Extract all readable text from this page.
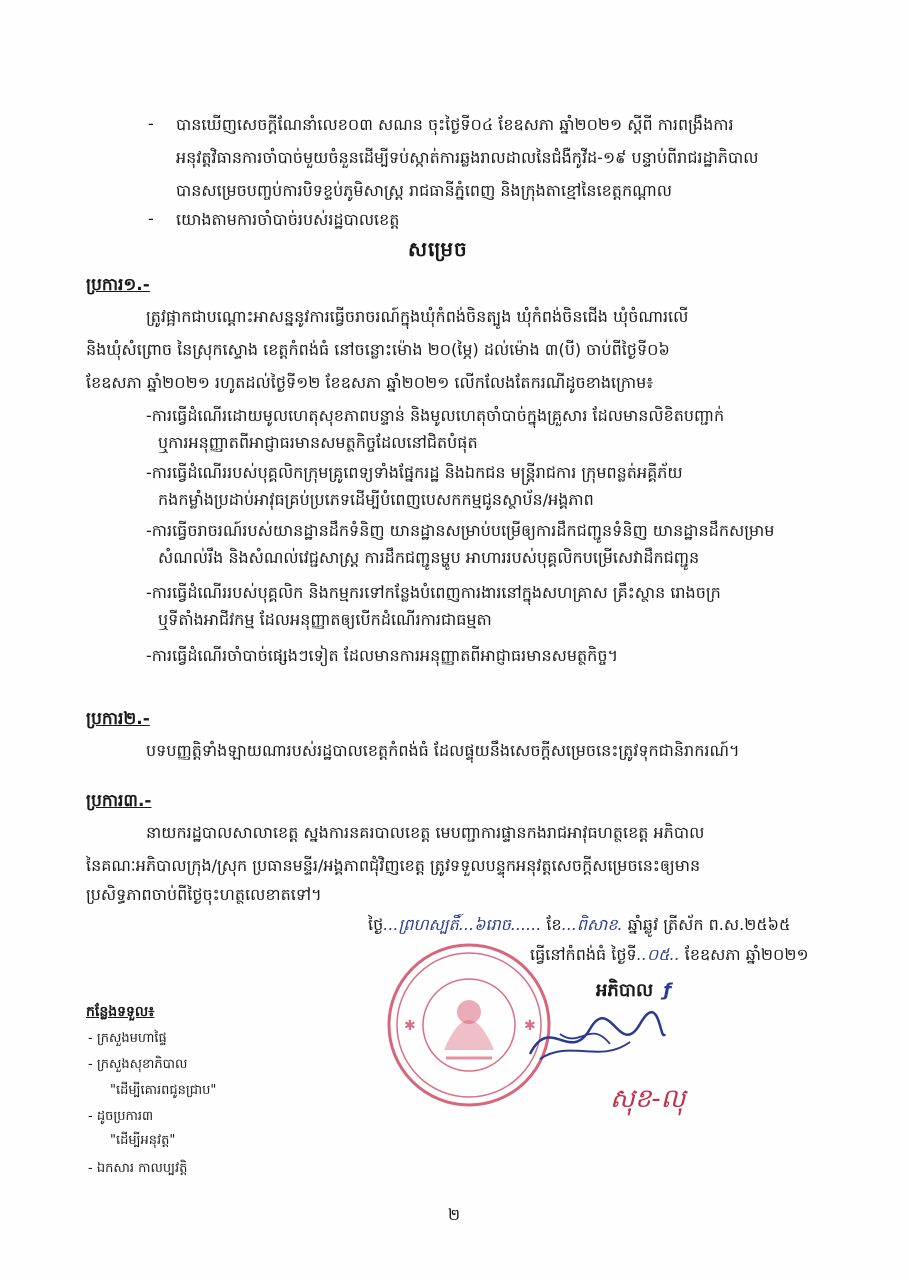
- បានឃើញសេចក្តីណែនាំលេខ០៣ សណន ចុះថ្ងៃទី០៤ ខែឧសភា ឆ្នាំ២០២១ ស្តីពី ការពង្រឹងការ
អនុវត្តវិធានការចាំបាច់មួយចំនួនដើម្បីទប់ស្កាត់ការឆ្លងរាលដាលនៃជំងឺកូវីដ-១៩ បន្ទាប់ពីរាជរដ្ឋាភិបាល
បានសម្រេចបញ្ចប់ការបិទខ្ទប់ភូមិសាស្ត្រ រាជធានីភ្នំពេញ និងក្រុងតាខ្មៅនៃខេត្តកណ្តាល
- យោងតាមការចាំបាច់របស់រដ្ឋបាលខេត្ត
សម្រេច
ប្រការ១.-
ត្រូវផ្អាកជាបណ្តោះអាសន្ននូវការធ្វើចរាចរណ៍ក្នុងឃុំកំពង់ចិនត្បូង ឃុំកំពង់ចិនជើង ឃុំចំណារលើ
និងឃុំសំព្រោច នៃស្រុកស្ទោង ខេត្តកំពង់ធំ នៅចន្លោះម៉ោង ២០(ម្ភៃ) ដល់ម៉ោង ៣(បី) ចាប់ពីថ្ងៃទី០៦
ខែឧសភា ឆ្នាំ២០២១ រហូតដល់ថ្ងៃទី១២ ខែឧសភា ឆ្នាំ២០២១ លើកលែងតែករណីដូចខាងក្រោម៖
-ការធ្វើដំណើរដោយមូលហេតុសុខភាពបន្ទាន់ និងមូលហេតុចាំបាច់ក្នុងគ្រួសារ ដែលមានលិខិតបញ្ជាក់
ឬការអនុញ្ញាតពីអាជ្ញាធរមានសមត្ថកិច្ចដែលនៅជិតបំផុត
-ការធ្វើដំណើររបស់បុគ្គលិកក្រុមគ្រូពេទ្យទាំងផ្នែករដ្ឋ និងឯកជន មន្រ្តីរាជការ ក្រុមពន្លត់អគ្គីភ័យ
កងកម្លាំងប្រដាប់អាវុធគ្រប់ប្រភេទដើម្បីបំពេញបេសកកម្មជូនស្ថាប័ន/អង្គភាព
-ការធ្វើចរាចរណ៍របស់យានដ្ឋានដឹកទំនិញ យានដ្ឋានសម្រាប់បម្រើឲ្យការដឹកជញ្ជូនទំនិញ យានដ្ឋានដឹកសម្រាម
សំណល់រឹង និងសំណល់វេជ្ជសាស្ត្រ ការដឹកជញ្ជូនម្ហូប អាហាររបស់បុគ្គលិកបម្រើសេវាដឹកជញ្ជូន
-ការធ្វើដំណើររបស់បុគ្គលិក និងកម្មករទៅកន្លែងបំពេញការងារនៅក្នុងសហគ្រាស គ្រឹះស្ថាន រោងចក្រ
ឬទីតាំងអាជីវកម្ម ដែលអនុញ្ញាតឲ្យបើកដំណើរការជាធម្មតា
-ការធ្វើដំណើរចាំបាច់ផ្សេងៗទៀត ដែលមានការអនុញ្ញាតពីអាជ្ញាធរមានសមត្ថកិច្ច។
ប្រការ២.-
បទបញ្ញត្តិទាំងឡាយណារបស់រដ្ឋបាលខេត្តកំពង់ធំ ដែលផ្ទុយនឹងសេចក្តីសម្រេចនេះត្រូវទុកជានិរាករណ៍។
ប្រការ៣.-
នាយករដ្ឋបាលសាលាខេត្ត ស្នងការនគរបាលខេត្ត មេបញ្ជាការផ្ទានកងរាជអាវុធហត្ថខេត្ត អភិបាល
នៃគណៈអភិបាលក្រុង/ស្រុក ប្រធានមន្ទីរ/អង្គភាពជុំវិញខេត្ត ត្រូវទទួលបន្ទុកអនុវត្តសេចក្តីសម្រេចនេះឲ្យមាន
ប្រសិទ្ធភាពចាប់ពីថ្ងៃចុះហត្ថលេខាតទៅ។
ថ្ងៃ...ព្រហស្បតិ៍...៦រោច...... ខែ...ពិសាខ. ឆ្នាំឆ្លូវ ត្រីស័ក ព.ស.២៥៦៥
ធ្វើនៅកំពង់ធំ ថ្ងៃទី..០៥.. ខែឧសភា ឆ្នាំ២០២១
✱	✱
អភិបាល ƒ
សុខ-លុ
កន្លែងទទួល៖
- ក្រសួងមហាផ្ទៃ
- ក្រសួងសុខាភិបាល
"ដើម្បីគោរពជូនជ្រាប"
- ដូចប្រការ៣
"ដើម្បីអនុវត្ត"
- ឯកសារ កាលប្បវត្តិ
២
